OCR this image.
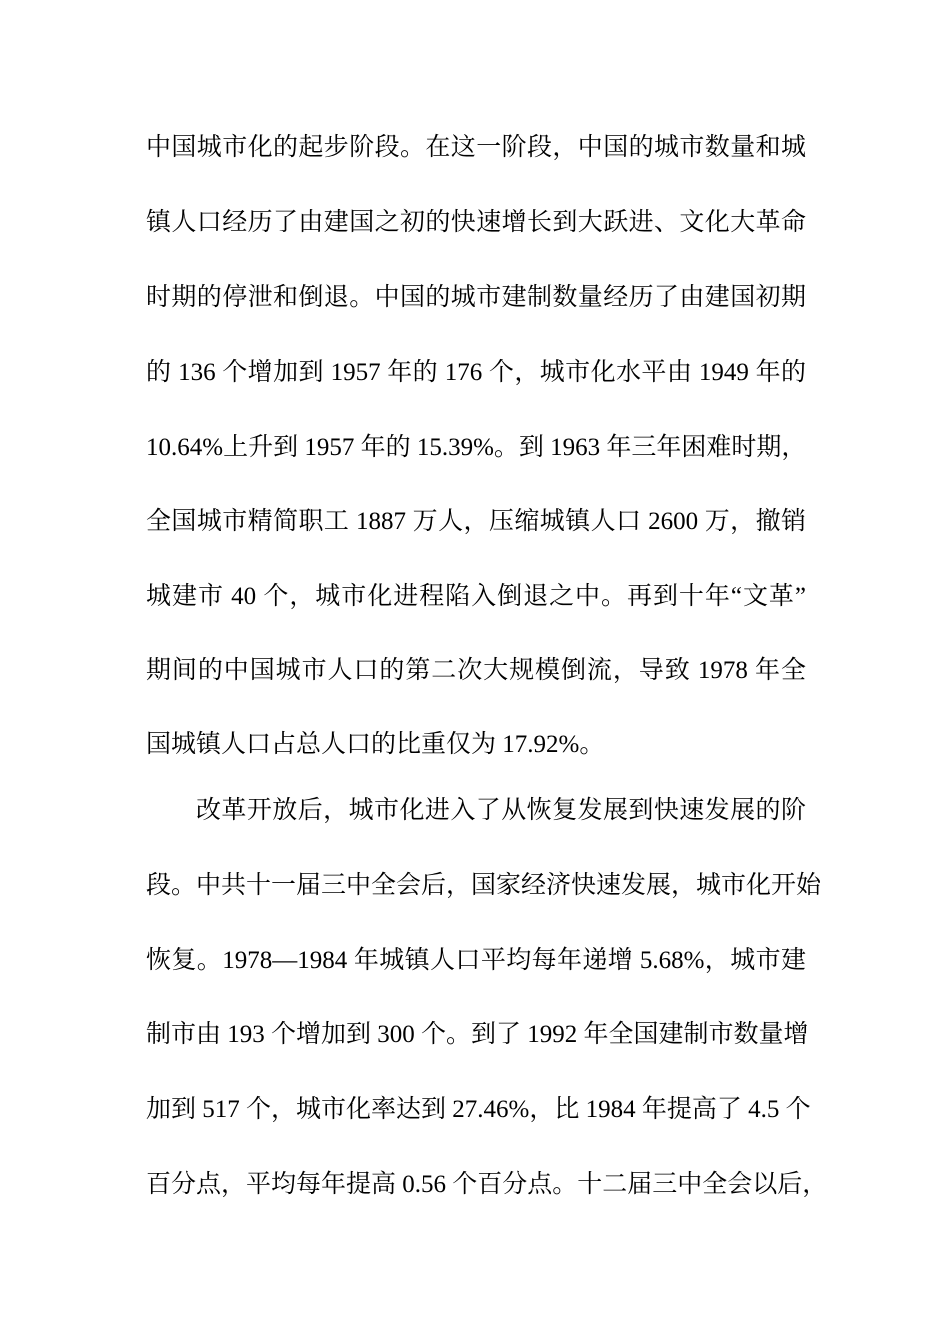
中国城市化的起步阶段。在这一阶段，中国的城市数量和城
镇人口经历了由建国之初的快速增长到大跃进、文化大革命
时期的停泄和倒退。中国的城市建制数量经历了由建国初期
的 136 个增加到 1957 年的 176 个，城市化水平由 1949 年的
10.64%上升到 1957 年的 15.39%。到 1963 年三年困难时期，
全国城市精简职工 1887 万人，压缩城镇人口 2600 万，撤销
城建市 40 个，城市化进程陷入倒退之中。再到十年“文革”
期间的中国城市人口的第二次大规模倒流，导致 1978 年全
国城镇人口占总人口的比重仅为 17.92%。
改革开放后，城市化进入了从恢复发展到快速发展的阶
段。中共十一届三中全会后，国家经济快速发展，城市化开始
恢复。1978—1984 年城镇人口平均每年递增 5.68%，城市建
制市由 193 个增加到 300 个。到了 1992 年全国建制市数量增
加到 517 个，城市化率达到 27.46%，比 1984 年提高了 4.5 个
百分点，平均每年提高 0.56 个百分点。十二届三中全会以后，
